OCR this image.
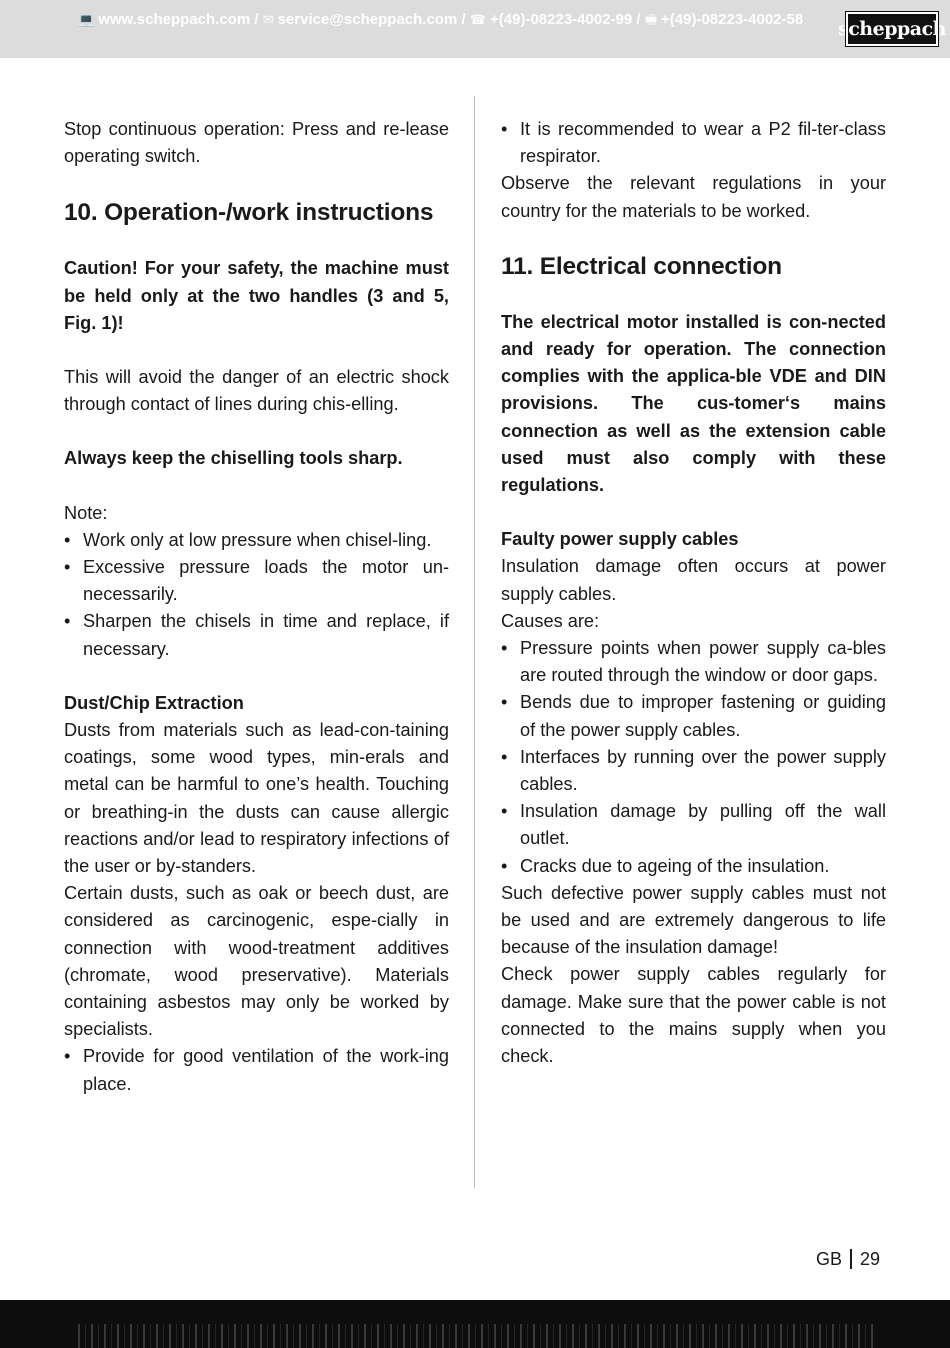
scheppach

Stop continuous operation: Press and re-lease operating switch.

10. Operation-/work instructions

Caution! For your safety, the machine must be held only at the two handles (3 and 5, Fig. 1)!

This will avoid the danger of an electric shock through contact of lines during chis-elling.

Always keep the chiselling tools sharp.

Note:

• Work only at low pressure when chisel-ling.
• Excessive pressure loads the motor un-necessarily.
• Sharpen the chisels in time and replace, if necessary.

Dust/Chip Extraction

Dusts from materials such as lead-con-taining coatings, some wood types, min-erals and metal can be harmful to one’s health. Touching or breathing-in the dusts can cause allergic reactions and/or lead to respiratory infections of the user or by-standers.

Certain dusts, such as oak or beech dust, are considered as carcinogenic, espe-cially in connection with wood-treatment additives (chromate, wood preservative). Materials containing asbestos may only be worked by specialists.

• Provide for good ventilation of the work-ing place.
• It is recommended to wear a P2 fil-ter-class respirator.

Observe the relevant regulations in your country for the materials to be worked.

11. Electrical connection

The electrical motor installed is con-nected and ready for operation. The connection complies with the applica-ble VDE and DIN provisions. The cus-tomer‘s mains connection as well as the extension cable used must also comply with these regulations.

Faulty power supply cables

Insulation damage often occurs at power supply cables.

Causes are:

• Pressure points when power supply ca-bles are routed through the window or door gaps.
• Bends due to improper fastening or guiding of the power supply cables.
• Interfaces by running over the power supply cables.
• Insulation damage by pulling off the wall outlet.
• Cracks due to ageing of the insulation.

Such defective power supply cables must not be used and are extremely dangerous to life because of the insulation damage!

Check power supply cables regularly for damage. Make sure that the power cable is not connected to the mains supply when you check.

GB 29
💻 www.scheppach.com / ✉ service@scheppach.com / ☎ +(49)-08223-4002-99 / 🖷 +(49)-08223-4002-58
